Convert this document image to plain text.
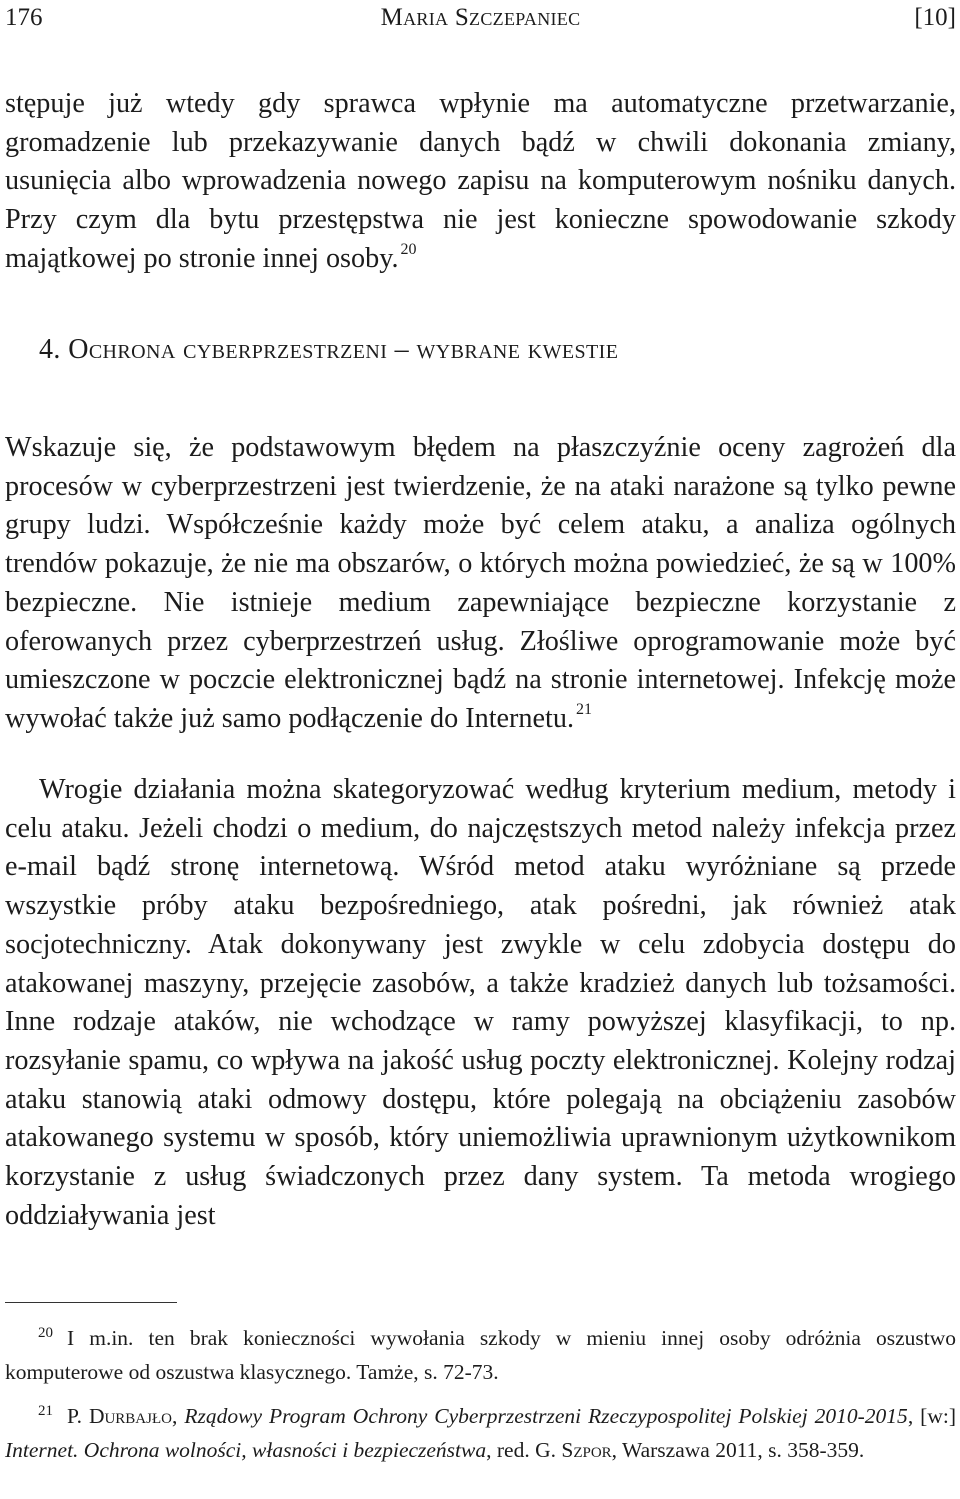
176	Maria Szczepaniec	[10]

stępuje już wtedy gdy sprawca wpłynie ma automatyczne przetwarzanie, gromadzenie lub przekazywanie danych bądź w chwili dokonania zmiany, usunięcia albo wprowadzenia nowego zapisu na komputerowym nośniku danych. Przy czym dla bytu przestępstwa nie jest konieczne spowodowanie szkody majątkowej po stronie innej osoby. $^{20}$

4. Ochrona cyberprzestrzeni – wybrane kwestie

Wskazuje się, że podstawowym błędem na płaszczyźnie oceny zagrożeń dla procesów w cyberprzestrzeni jest twierdzenie, że na ataki narażone są tylko pewne grupy ludzi. Współcześnie każdy może być celem ataku, a analiza ogólnych trendów pokazuje, że nie ma obszarów, o których można powiedzieć, że są w 100% bezpieczne. Nie istnieje medium zapewniające bezpieczne korzystanie z oferowanych przez cyberprzestrzeń usług. Złośliwe oprogramowanie może być umieszczone w poczcie elektronicznej bądź na stronie internetowej. Infekcję może wywołać także już samo podłączenie do Internetu. $^{21}$

Wrogie działania można skategoryzować według kryterium medium, metody i celu ataku. Jeżeli chodzi o medium, do najczęstszych metod należy infekcja przez e-mail bądź stronę internetową. Wśród metod ataku wyróżniane są przede wszystkie próby ataku bezpośredniego, atak pośredni, jak również atak socjotechniczny. Atak dokonywany jest zwykle w celu zdobycia dostępu do atakowanej maszyny, przejęcie zasobów, a także kradzież danych lub tożsamości. Inne rodzaje ataków, nie wchodzące w ramy powyższej klasyfikacji, to np. rozsyłanie spamu, co wpływa na jakość usług poczty elektronicznej. Kolejny rodzaj ataku stanowią ataki odmowy dostępu, które polegają na obciążeniu zasobów atakowanego systemu w sposób, który uniemożliwia uprawnionym użytkownikom korzystanie z usług świadczonych przez dany system. Ta metoda wrogiego oddziaływania jest

$^{20}$ I m.in. ten brak konieczności wywołania szkody w mieniu innej osoby odróżnia oszustwo komputerowe od oszustwa klasycznego. Tamże, s. 72-73.

$^{21}$ P. Durbajło, Rządowy Program Ochrony Cyberprzestrzeni Rzeczypospolitej Polskiej 2010-2015, [w:] Internet. Ochrona wolności, własności i bezpieczeństwa, red. G. Szpor, Warszawa 2011, s. 358-359.
